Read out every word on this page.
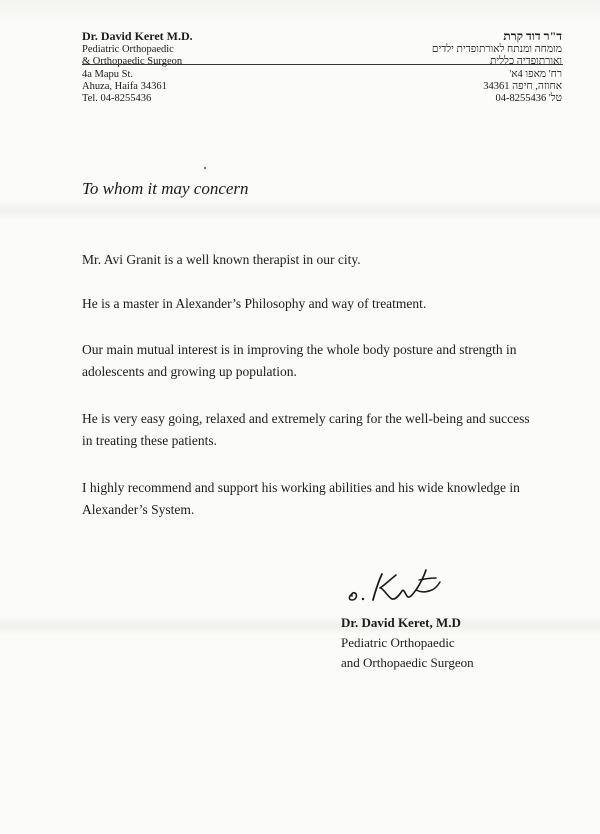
Dr. David Keret M.D.
Pediatric Orthopaedic
& Orthopaedic Surgeon
ד"ר דוד קרת
מומחה ומנתח לאורתופדית ילדים
ואורתופדיה כללית
4a Mapu St.
Ahuza, Haifa 34361
Tel. 04-8255436
רח' מאפו 4א'
אחוזה, חיפה 34361
טל' 04-8255436
To whom it may concern

Mr. Avi Granit is a well known therapist in our city.

He is a master in Alexander’s Philosophy and way of treatment.

Our main mutual interest is in improving the whole body posture and strength in adolescents and growing up population.

He is very easy going, relaxed and extremely caring for the well-being and success in treating these patients.

I highly recommend and support his working abilities and his wide knowledge in Alexander’s System.

Dr. David Keret, M.D
Pediatric Orthopaedic
and Orthopaedic Surgeon
